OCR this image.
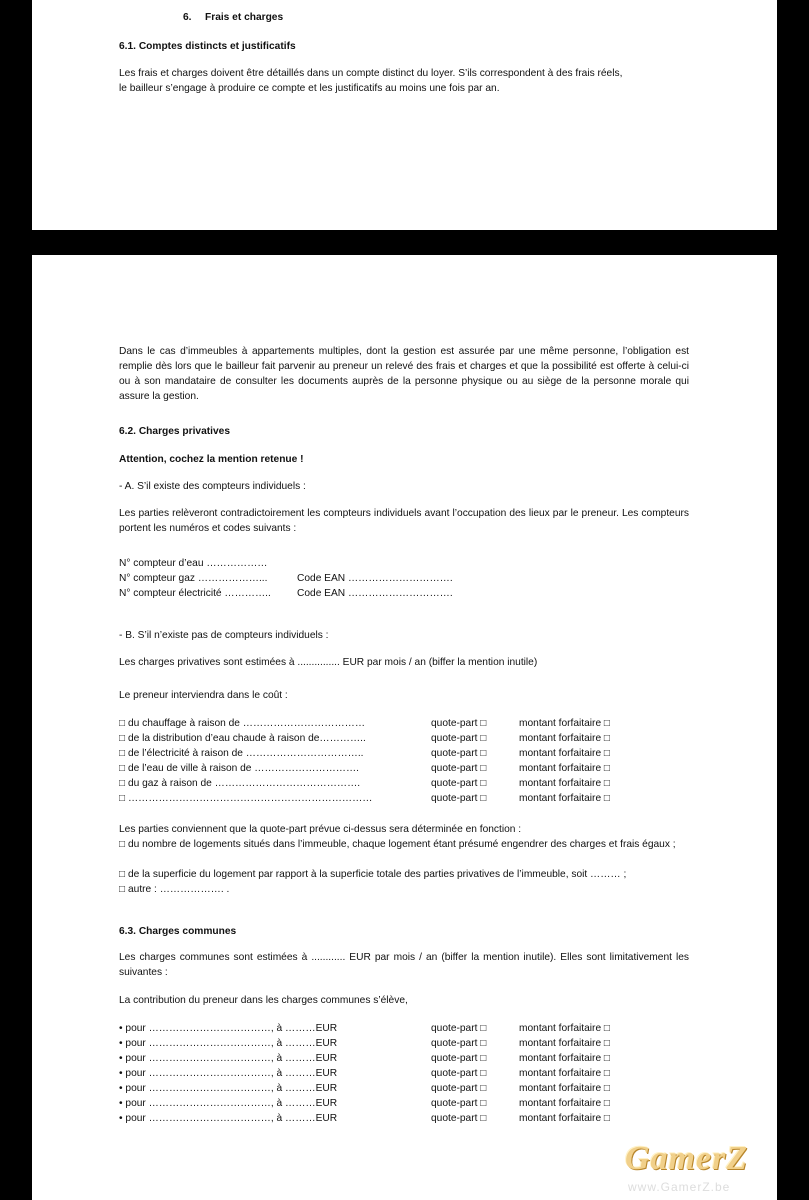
6. Frais et charges
6.1. Comptes distincts et justificatifs
Les frais et charges doivent être détaillés dans un compte distinct du loyer. S’ils correspondent à des frais réels,
le bailleur s’engage à produire ce compte et les justificatifs au moins une fois par an.
Dans le cas d’immeubles à appartements multiples, dont la gestion est assurée par une même personne, l’obligation est remplie dès lors que le bailleur fait parvenir au preneur un relevé des frais et charges et que la possibilité est offerte à celui-ci ou à son mandataire de consulter les documents auprès de la personne physique ou au siège de la personne morale qui assure la gestion.
6.2. Charges privatives
Attention, cochez la mention retenue !
- A. S’il existe des compteurs individuels :
Les parties relèveront contradictoirement les compteurs individuels avant l’occupation des lieux par le preneur. Les compteurs portent les numéros et codes suivants :
N° compteur d’eau ………………
N° compteur gaz ………………...	Code EAN ………………………….
N° compteur électricité …………..	Code EAN ………………………….
- B. S’il n’existe pas de compteurs individuels :
Les charges privatives sont estimées à ............... EUR par mois / an (biffer la mention inutile)
Le preneur interviendra dans le coût :
□ du chauffage à raison de ………………………………	quote-part □	montant forfaitaire □
□ de la distribution d’eau chaude à raison de…………..	quote-part □	montant forfaitaire □
□ de l’électricité à raison de ……………………………..	quote-part □	montant forfaitaire □
□ de l’eau de ville à raison de ………………………….	quote-part □	montant forfaitaire □
□ du gaz à raison de …………………………………….	quote-part □	montant forfaitaire □
□ ………………………………………………………………	quote-part □	montant forfaitaire □
Les parties conviennent que la quote-part prévue ci-dessus sera déterminée en fonction :
□ du nombre de logements situés dans l’immeuble, chaque logement étant présumé engendrer des charges et frais égaux ;
□ de la superficie du logement par rapport à la superficie totale des parties privatives de l’immeuble, soit ……… ;
□ autre : ………………. .
6.3. Charges communes
Les charges communes sont estimées à ............ EUR par mois / an (biffer la mention inutile). Elles sont limitativement les suivantes :
La contribution du preneur dans les charges communes s’élève,
• pour ………………………………, à ………EUR	quote-part □	montant forfaitaire □
• pour ………………………………, à ………EUR	quote-part □	montant forfaitaire □
• pour ………………………………, à ………EUR	quote-part □	montant forfaitaire □
• pour ………………………………, à ………EUR	quote-part □	montant forfaitaire □
• pour ………………………………, à ………EUR	quote-part □	montant forfaitaire □
• pour ………………………………, à ………EUR	quote-part □	montant forfaitaire □
• pour ………………………………, à ………EUR	quote-part □	montant forfaitaire □
GamerZ
www.GamerZ.be
